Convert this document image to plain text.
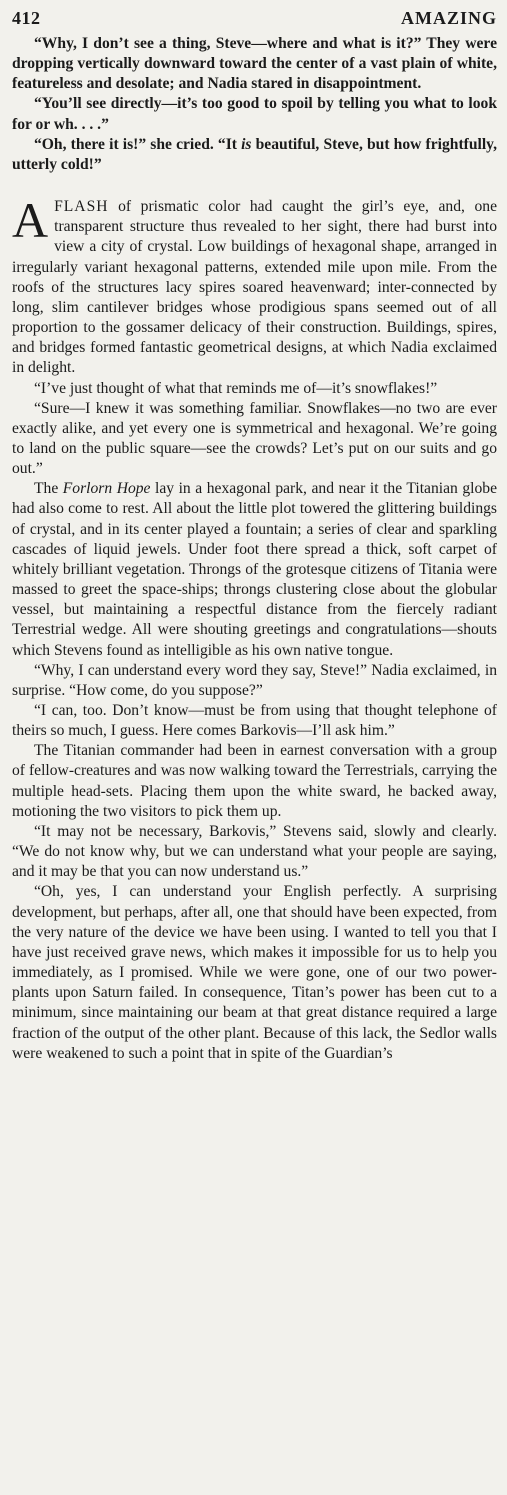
412	AMAZING

“Why, I don’t see a thing, Steve—where and what is it?” They were dropping vertically downward toward the center of a vast plain of white, featureless and desolate; and Nadia stared in disappointment.

“You’ll see directly—it’s too good to spoil by telling you what to look for or wh. . . .”

“Oh, there it is!” she cried. “It is beautiful, Steve, but how frightfully, utterly cold!”

AFLASH of prismatic color had caught the girl’s eye, and, one transparent structure thus revealed to her sight, there had burst into view a city of crystal. Low buildings of hexagonal shape, arranged in irregularly variant hexagonal patterns, extended mile upon mile. From the roofs of the structures lacy spires soared heavenward; inter-connected by long, slim cantilever bridges whose prodigious spans seemed out of all proportion to the gossamer delicacy of their construction. Buildings, spires, and bridges formed fantastic geometrical designs, at which Nadia exclaimed in delight.

“I’ve just thought of what that reminds me of—it’s snowflakes!”

“Sure—I knew it was something familiar. Snowflakes—no two are ever exactly alike, and yet every one is symmetrical and hexagonal. We’re going to land on the public square—see the crowds? Let’s put on our suits and go out.”

The Forlorn Hope lay in a hexagonal park, and near it the Titanian globe had also come to rest. All about the little plot towered the glittering buildings of crystal, and in its center played a fountain; a series of clear and sparkling cascades of liquid jewels. Under foot there spread a thick, soft carpet of whitely brilliant vegetation. Throngs of the grotesque citizens of Titania were massed to greet the space-ships; throngs clustering close about the globular vessel, but maintaining a respectful distance from the fiercely radiant Terrestrial wedge. All were shouting greetings and congratulations—shouts which Stevens found as intelligible as his own native tongue.

“Why, I can understand every word they say, Steve!” Nadia exclaimed, in surprise. “How come, do you suppose?”

“I can, too. Don’t know—must be from using that thought telephone of theirs so much, I guess. Here comes Barkovis—I’ll ask him.”

The Titanian commander had been in earnest conversation with a group of fellow-creatures and was now walking toward the Terrestrials, carrying the multiple head-sets. Placing them upon the white sward, he backed away, motioning the two visitors to pick them up.

“It may not be necessary, Barkovis,” Stevens said, slowly and clearly. “We do not know why, but we can understand what your people are saying, and it may be that you can now understand us.”

“Oh, yes, I can understand your English perfectly. A surprising development, but perhaps, after all, one that should have been expected, from the very nature of the device we have been using. I wanted to tell you that I have just received grave news, which makes it impossible for us to help you immediately, as I promised. While we were gone, one of our two power-plants upon Saturn failed. In consequence, Titan’s power has been cut to a minimum, since maintaining our beam at that great distance required a large fraction of the output of the other plant. Because of this lack, the Sedlor walls were weakened to such a point that in spite of the Guardian’s
